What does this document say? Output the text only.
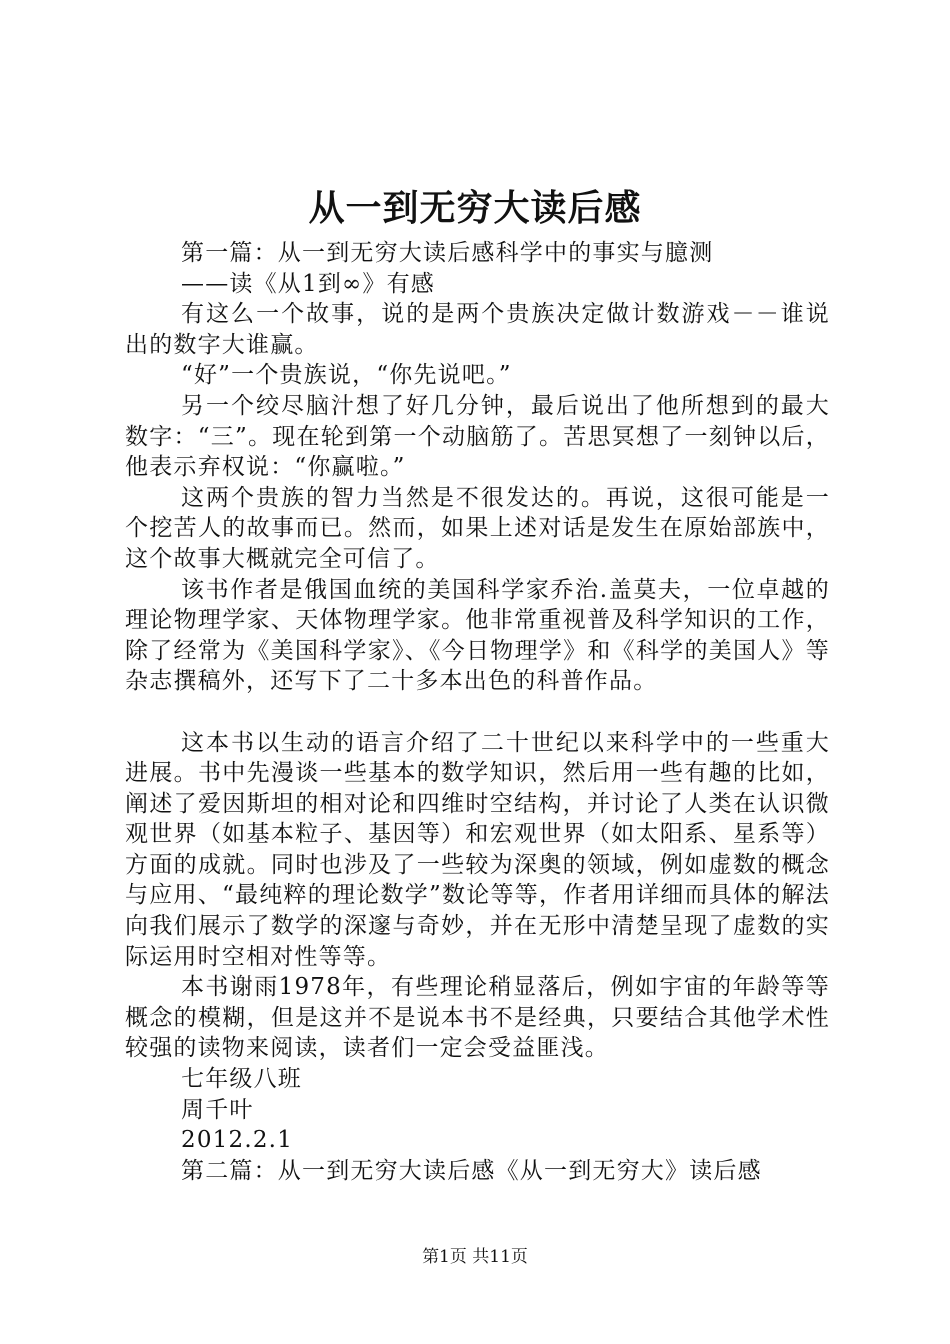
从一到无穷大读后感

第一篇：从一到无穷大读后感科学中的事实与臆测

——读《从1到∞》有感

有这么一个故事，说的是两个贵族决定做计数游戏－－谁说出的数字大谁赢。

“好”一个贵族说，“你先说吧。”

另一个绞尽脑汁想了好几分钟，最后说出了他所想到的最大数字：“三”。现在轮到第一个动脑筋了。苦思冥想了一刻钟以后，他表示弃权说：“你赢啦。”

这两个贵族的智力当然是不很发达的。再说，这很可能是一个挖苦人的故事而已。然而，如果上述对话是发生在原始部族中，这个故事大概就完全可信了。

该书作者是俄国血统的美国科学家乔治.盖莫夫，一位卓越的理论物理学家、天体物理学家。他非常重视普及科学知识的工作，除了经常为《美国科学家》、《今日物理学》和《科学的美国人》等杂志撰稿外，还写下了二十多本出色的科普作品。

这本书以生动的语言介绍了二十世纪以来科学中的一些重大进展。书中先漫谈一些基本的数学知识，然后用一些有趣的比如，阐述了爱因斯坦的相对论和四维时空结构，并讨论了人类在认识微观世界（如基本粒子、基因等）和宏观世界（如太阳系、星系等）方面的成就。同时也涉及了一些较为深奥的领域，例如虚数的概念与应用、“最纯粹的理论数学”数论等等，作者用详细而具体的解法向我们展示了数学的深邃与奇妙，并在无形中清楚呈现了虚数的实际运用时空相对性等等。

本书谢雨1978年，有些理论稍显落后，例如宇宙的年龄等等概念的模糊，但是这并不是说本书不是经典，只要结合其他学术性较强的读物来阅读，读者们一定会受益匪浅。

七年级八班

周千叶

2012.2.1

第二篇：从一到无穷大读后感《从一到无穷大》读后感

第1页 共11页
